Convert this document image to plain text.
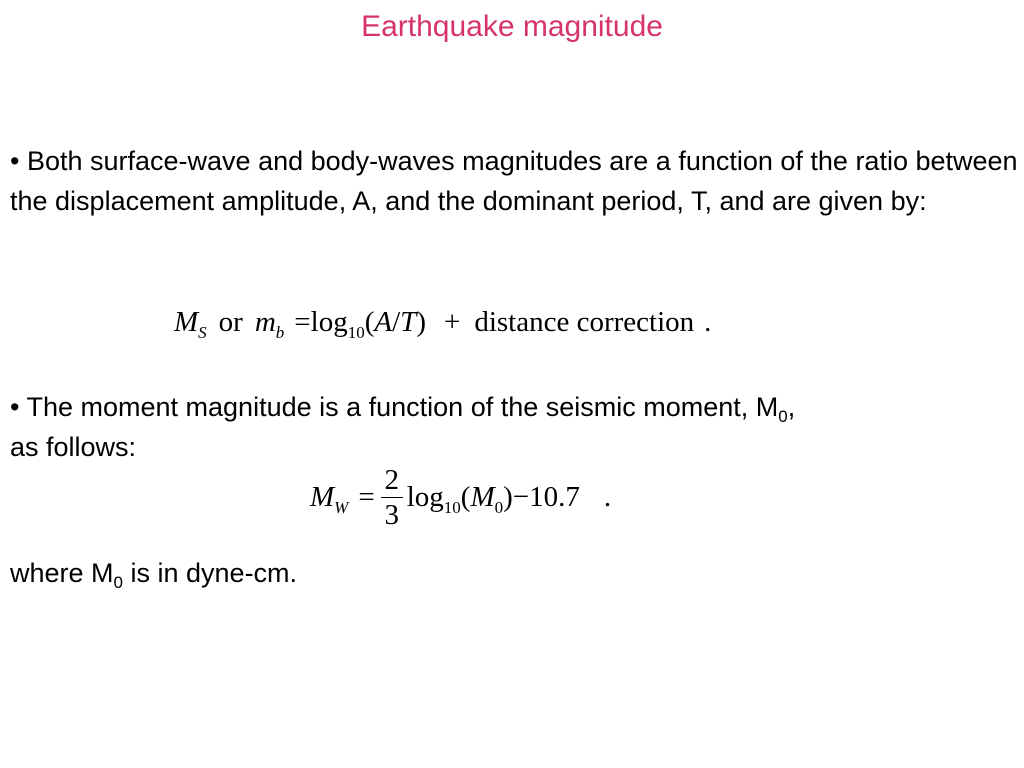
Earthquake magnitude

• Both surface-wave and body-waves magnitudes are a function of the ratio between the displacement amplitude, A, and the dominant period, T, and are given by:

$M_S$ or $m_b =\log_{10}(A/T)$ + distance correction .

• The moment magnitude is a function of the seismic moment, $M_0$,
as follows:

$M_W = \frac{2}{3} \log_{10}(M_0)-10.7$ .

where $M_0$ is in dyne-cm.
